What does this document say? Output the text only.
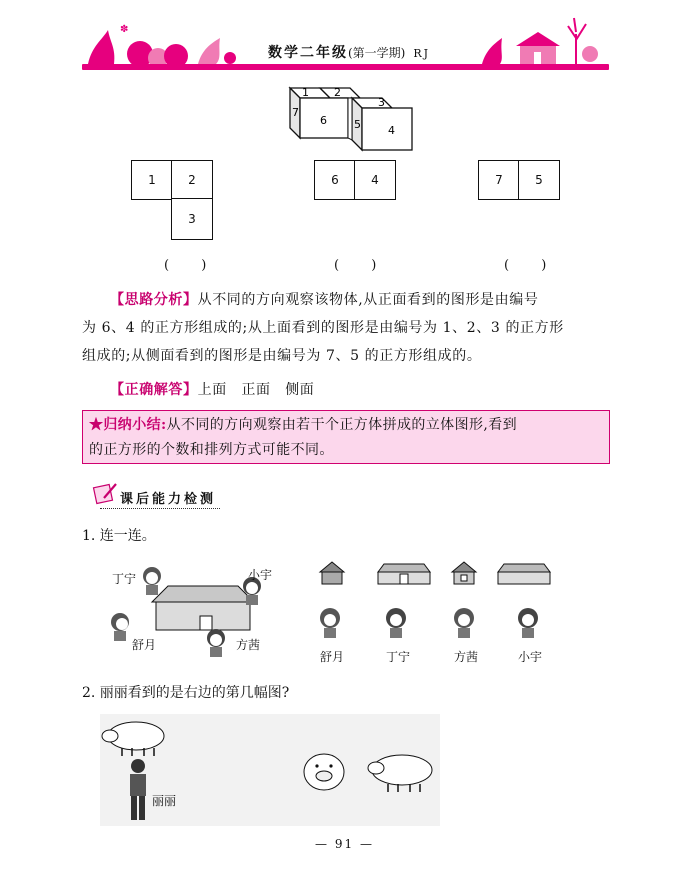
✽
数学二年级(第一学期) RJ
1 2
3
7
6 5 4
1	2
3
6	4	7	5
( )	( )	( )
【思路分析】从不同的方向观察该物体,从正面看到的图形是由编号
为 6、4 的正方形组成的;从上面看到的图形是由编号为 1、2、3 的正方形
组成的;从侧面看到的图形是由编号为 7、5 的正方形组成的。
【正确解答】上面　正面　侧面
★归纳小结:从不同的方向观察由若干个正方体拼成的立体图形,看到
的正方形的个数和排列方式可能不同。
课后能力检测
1. 连一连。
丁宁	小宇
舒月	方茜
舒月	丁宁	方茜	小宇
2. 丽丽看到的是右边的第几幅图?
丽丽
— 91 —
